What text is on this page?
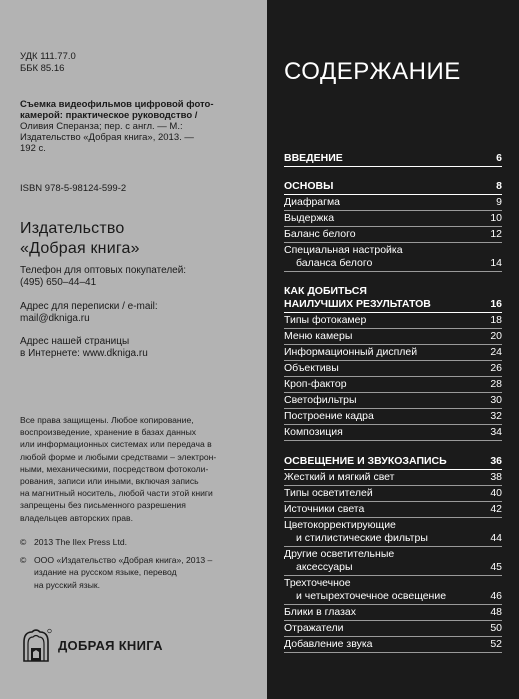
УДК 111.77.0
ББК 85.16
Съемка видеофильмов цифровой фото-
камерой: практическое руководство /
Оливия Сперанза; пер. с англ. — М.:
Издательство «Добрая книга», 2013. —
192 с.
ISBN 978-5-98124-599-2
Издательство
«Добрая книга»
Телефон для оптовых покупателей:
(495) 650–44–41
Адрес для переписки / e-mail:
mail@dkniga.ru
Адрес нашей страницы
в Интернете: www.dkniga.ru
Все права защищены. Любое копирование,
воспроизведение, хранение в базах данных
или информационных системах или передача в
любой форме и любыми средствами – электрон-
ными, механическими, посредством фотоколи-
рования, записи или иными, включая запись
на магнитный носитель, любой части этой книги
запрещены без письменного разрешения
владельцев авторских прав.
© 2013 The Ilex Press Ltd.
© ООО «Издательство «Добрая книга», 2013 –
издание на русском языке, перевод
на русский язык.
ДОБРАЯ КНИГА
СОДЕРЖАНИЕ
ВВЕДЕНИЕ	6
ОСНОВЫ	8
Диафрагма	9
Выдержка	10
Баланс белого	12
Специальная настройка
баланса белого	14
КАК ДОБИТЬСЯ
НАИЛУЧШИХ РЕЗУЛЬТАТОВ	16
Типы фотокамер	18
Меню камеры	20
Информационный дисплей	24
Объективы	26
Кроп-фактор	28
Светофильтры	30
Построение кадра	32
Композиция	34
ОСВЕЩЕНИЕ И ЗВУКОЗАПИСЬ	36
Жесткий и мягкий свет	38
Типы осветителей	40
Источники света	42
Цветокорректирующие
и стилистические фильтры	44
Другие осветительные
аксессуары	45
Трехточечное
и четырехточечное освещение	46
Блики в глазах	48
Отражатели	50
Добавление звука	52
